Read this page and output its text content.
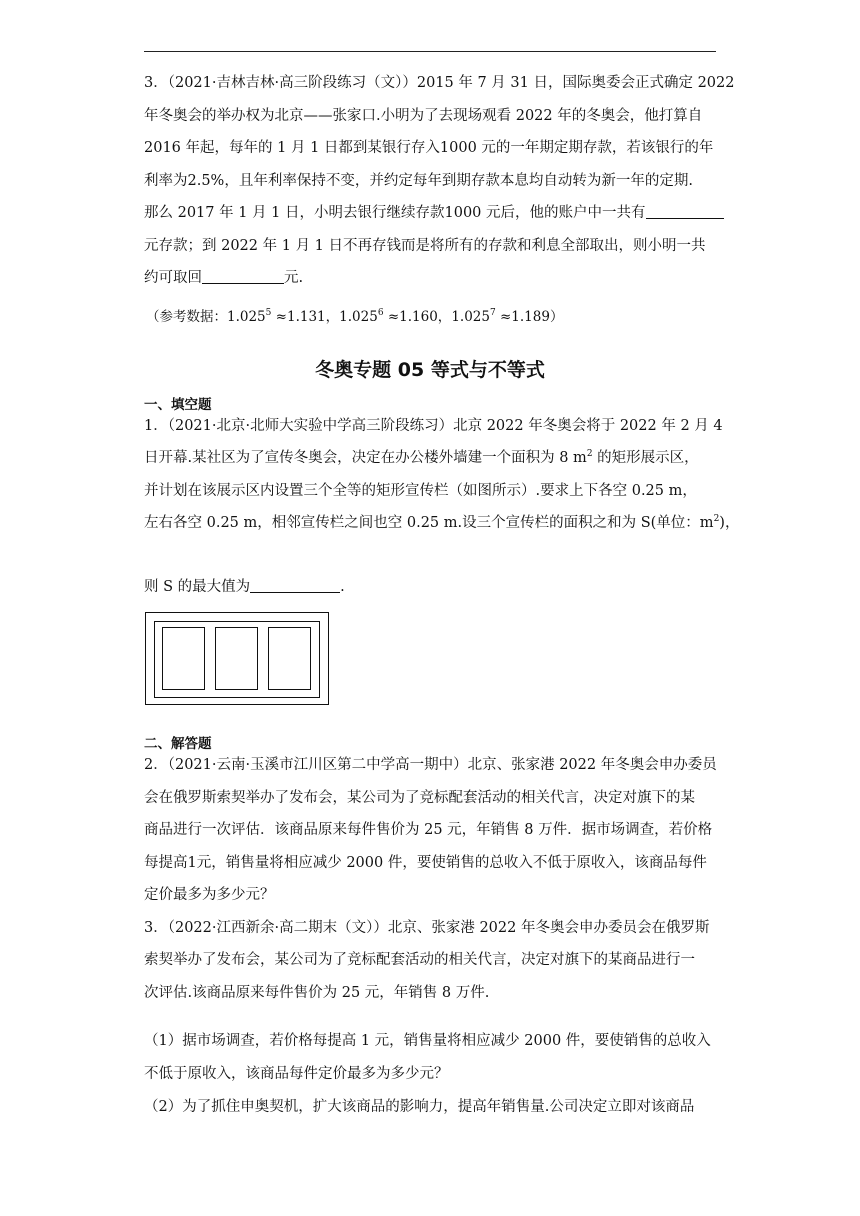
3．（2021·吉林吉林·高三阶段练习（文））2015 年 7 月 31 日，国际奥委会正式确定 2022
年冬奥会的举办权为北京——张家口.小明为了去现场观看 2022 年的冬奥会，他打算自
2016 年起，每年的 1 月 1 日都到某银行存入1000 元的一年期定期存款，若该银行的年
利率为2.5%，且年利率保持不变，并约定每年到期存款本息均自动转为新一年的定期.
那么 2017 年 1 月 1 日，小明去银行继续存款1000 元后，他的账户中一共有
元存款；到 2022 年 1 月 1 日不再存钱而是将所有的存款和利息全部取出，则小明一共
约可取回	元.
（参考数据：$1.025^5 \approx 1.131$，$1.025^6 \approx 1.160$，$1.025^7 \approx 1.189$）
冬奥专题 05 等式与不等式
一、填空题
1．（2021·北京·北师大实验中学高三阶段练习）北京 2022 年冬奥会将于 2022 年 2 月 4
日开幕.某社区为了宣传冬奥会，决定在办公楼外墙建一个面积为 8 $m^2$ 的矩形展示区，
并计划在该展示区内设置三个全等的矩形宣传栏（如图所示）.要求上下各空 0.25 m，
左右各空 0.25 m，相邻宣传栏之间也空 0.25 m.设三个宣传栏的面积之和为 S(单位：$m^2$)，
则 S 的最大值为	.
二、解答题
2．（2021·云南·玉溪市江川区第二中学高一期中）北京、张家港 2022 年冬奥会申办委员
会在俄罗斯索契举办了发布会，某公司为了竞标配套活动的相关代言，决定对旗下的某
商品进行一次评估．该商品原来每件售价为 25 元，年销售 8 万件．据市场调查，若价格
每提高1元，销售量将相应减少 2000 件，要使销售的总收入不低于原收入，该商品每件
定价最多为多少元？
3．（2022·江西新余·高二期末（文））北京、张家港 2022 年冬奥会申办委员会在俄罗斯
索契举办了发布会，某公司为了竞标配套活动的相关代言，决定对旗下的某商品进行一
次评估.该商品原来每件售价为 25 元，年销售 8 万件.
（1）据市场调查，若价格每提高 1 元，销售量将相应减少 2000 件，要使销售的总收入
不低于原收入，该商品每件定价最多为多少元？
（2）为了抓住申奥契机，扩大该商品的影响力，提高年销售量.公司决定立即对该商品
